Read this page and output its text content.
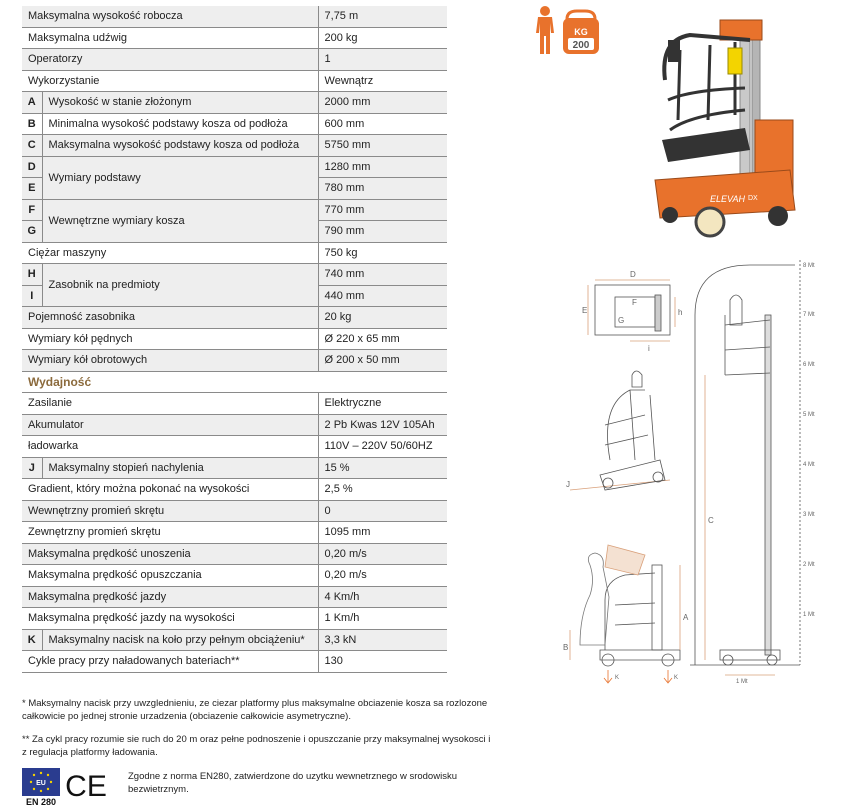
Maksymalna wysokość robocza		7,75 m
Maksymalna udźwig		200 kg
Operatorzy		1
Wykorzystanie		Wewnątrz
A	Wysokość w stanie złożonym	2000 mm
B	Minimalna wysokość podstawy kosza od podłoża	600 mm
C	Maksymalna wysokość podstawy kosza od podłoża	5750 mm
D	Wymiary podstawy	1280 mm
E		780 mm
F	Wewnętrzne wymiary kosza	770 mm
G		790 mm
Ciężar maszyny		750 kg
H	Zasobnik na predmioty	740 mm
I		440 mm
Pojemność zasobnika		20 kg
Wymiary kół pędnych		Ø 220 x 65 mm
Wymiary kół obrotowych		Ø 200 x 50 mm
Wydajność		
Zasilanie		Elektryczne
Akumulator		2 Pb Kwas 12V 105Ah
ładowarka		110V – 220V 50/60HZ
J	Maksymalny stopień nachylenia	15 %
Gradient, który można pokonać na wysokości		2,5 %
Wewnętrzny promień skrętu		0
Zewnętrzny promień skrętu		1095 mm
Maksymalna prędkość unoszenia		0,20 m/s
Maksymalna prędkość opuszczania		0,20 m/s
Maksymalna prędkość jazdy		4 Km/h
Maksymalna prędkość jazdy na wysokości		1 Km/h
K	Maksymalny nacisk na koło przy pełnym obciążeniu*	3,3 kN
Cykle pracy przy naładowanych bateriach**		130
* Maksymalny nacisk przy uwzglednieniu, ze ciezar platformy plus maksymalne obciazenie kosza sa rozlozone całkowicie po jednej stronie urzadzenia (obciazenie całkowicie asymetryczne).
** Za cykl pracy rozumie sie ruch do 20 m oraz pełne podnoszenie i opuszczanie przy maksymalnej wysokosci i z regulacja platformy ładowania.
EU
EN 280 CE Zgodne z norma EN280, zatwierdzone do uzytku wewnetrznego w srodowisku bezwietrznym.
KG
200
ELEVAH DX
D
E
F
G
h
i
J
B
A
C
K	K
8 Mt
7 Mt
6 Mt
5 Mt
4 Mt
3 Mt
2 Mt
1 Mt
1 Mt
